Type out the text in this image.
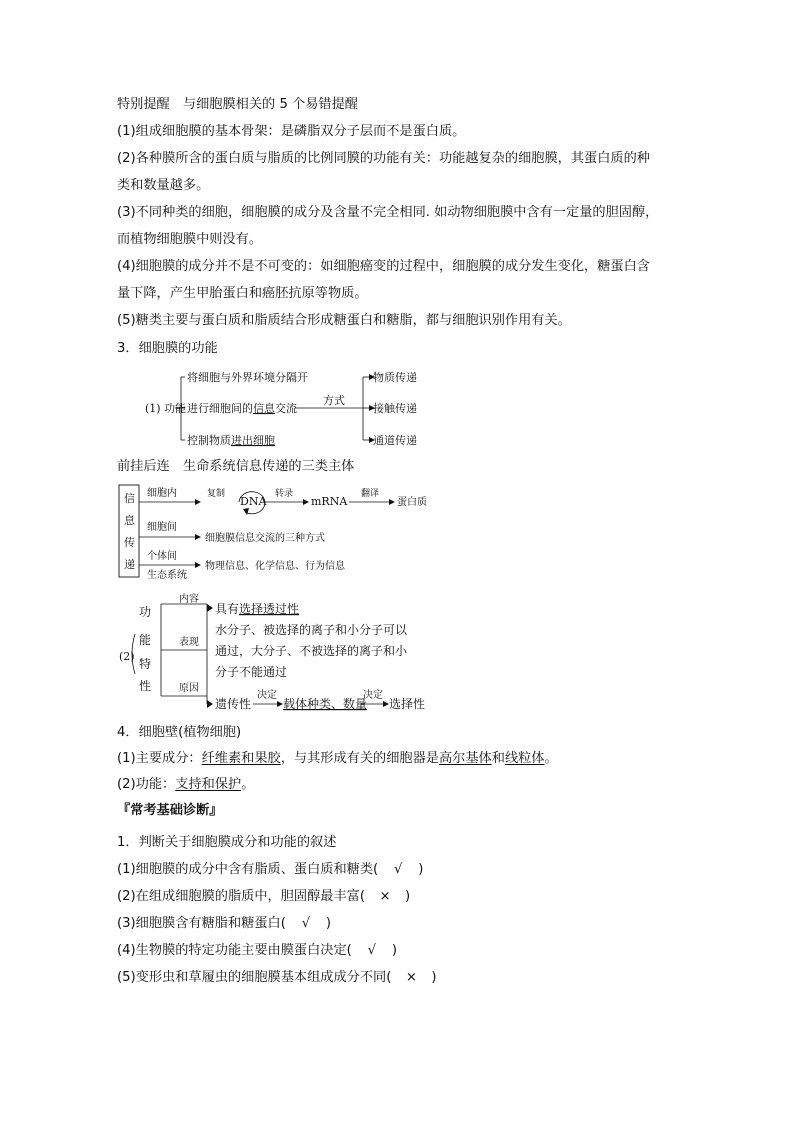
特别提醒　与细胞膜相关的 5 个易错提醒
(1)组成细胞膜的基本骨架：是磷脂双分子层而不是蛋白质。
(2)各种膜所含的蛋白质与脂质的比例同膜的功能有关：功能越复杂的细胞膜，其蛋白质的种
类和数量越多。
(3)不同种类的细胞，细胞膜的成分及含量不完全相同. 如动物细胞膜中含有一定量的胆固醇，
而植物细胞膜中则没有。
(4)细胞膜的成分并不是不可变的：如细胞癌变的过程中，细胞膜的成分发生变化，糖蛋白含
量下降，产生甲胎蛋白和癌胚抗原等物质。
(5)糖类主要与蛋白质和脂质结合形成糖蛋白和糖脂，都与细胞识别作用有关。
3．细胞膜的功能
(1) 功能
将细胞与外界环境分隔开
进行细胞间的信息交流
控制物质进出细胞
方式
物质传递
接触传递
通道传递
前挂后连　生命系统信息传递的三类主体
信
息
传
递
细胞内	复制
DNA
转录
mRNA
翻译
蛋白质
细胞间
细胞膜信息交流的三种方式
个体间
生态系统
物理信息、化学信息、行为信息
(2)
功
能
特
性
内容
表现
原因
具有选择透过性
水分子、被选择的离子和小分子可以
通过，大分子、不被选择的离子和小
分子不能通过
遗传性
决定
载体种类、数量
决定
选择性
4．细胞壁(植物细胞)
(1)主要成分：纤维素和果胶，与其形成有关的细胞器是高尔基体和线粒体。
(2)功能：支持和保护。
『常考基础诊断』
1．判断关于细胞膜成分和功能的叙述
(1)细胞膜的成分中含有脂质、蛋白质和糖类( √ )
(2)在组成细胞膜的脂质中，胆固醇最丰富( × )
(3)细胞膜含有糖脂和糖蛋白( √ )
(4)生物膜的特定功能主要由膜蛋白决定( √ )
(5)变形虫和草履虫的细胞膜基本组成成分不同( × )
